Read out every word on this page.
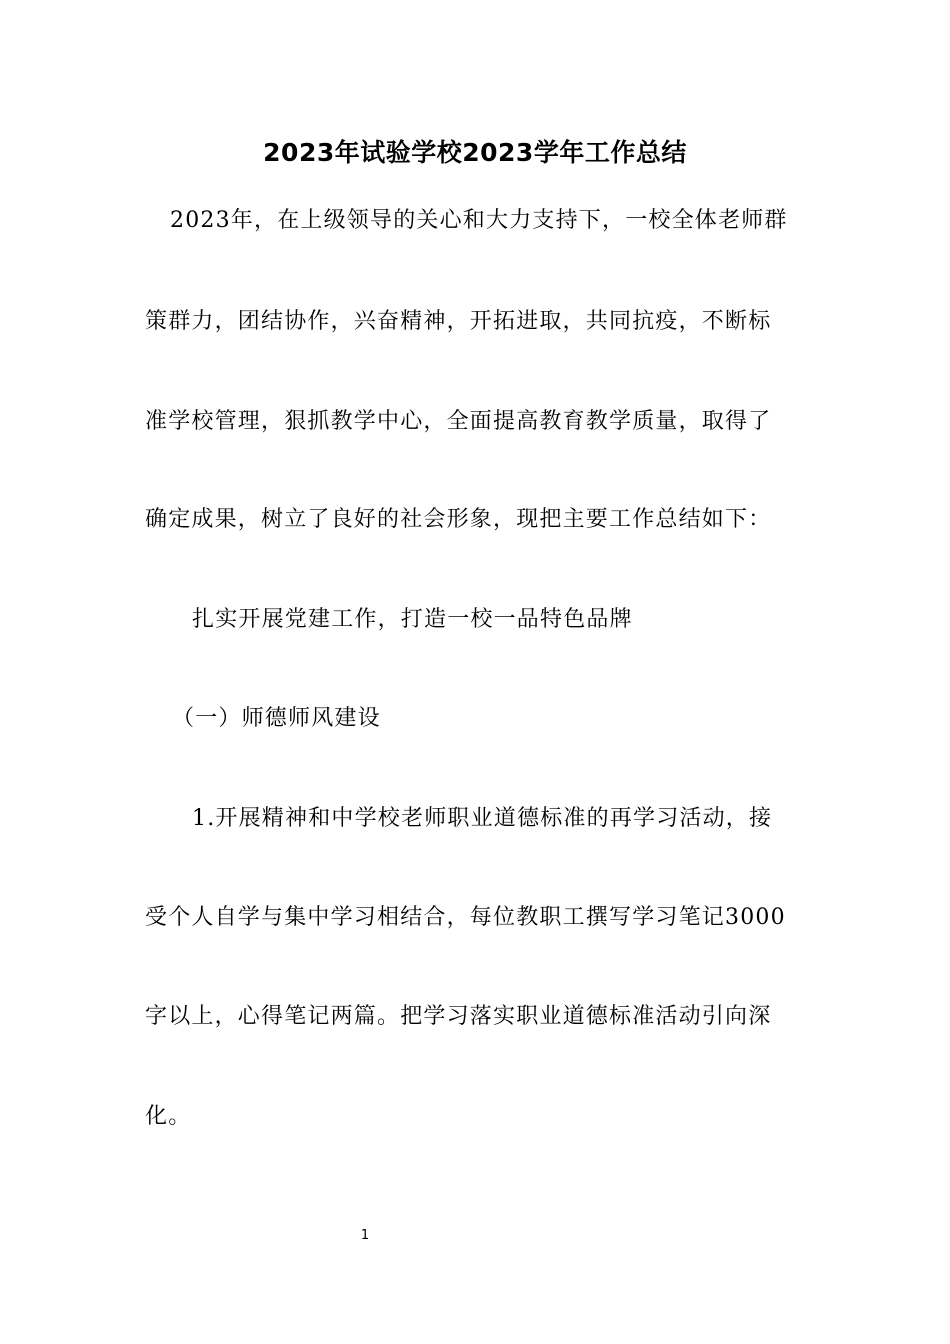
2023年试验学校2023学年工作总结
2023年，在上级领导的关心和大力支持下，一校全体老师群
策群力，团结协作，兴奋精神，开拓进取，共同抗疫，不断标
准学校管理，狠抓教学中心，全面提高教育教学质量，取得了
确定成果，树立了良好的社会形象，现把主要工作总结如下：
扎实开展党建工作，打造一校一品特色品牌
（一）师德师风建设
1.开展精神和中学校老师职业道德标准的再学习活动，接
受个人自学与集中学习相结合，每位教职工撰写学习笔记3000
字以上，心得笔记两篇。把学习落实职业道德标准活动引向深
化。
1
